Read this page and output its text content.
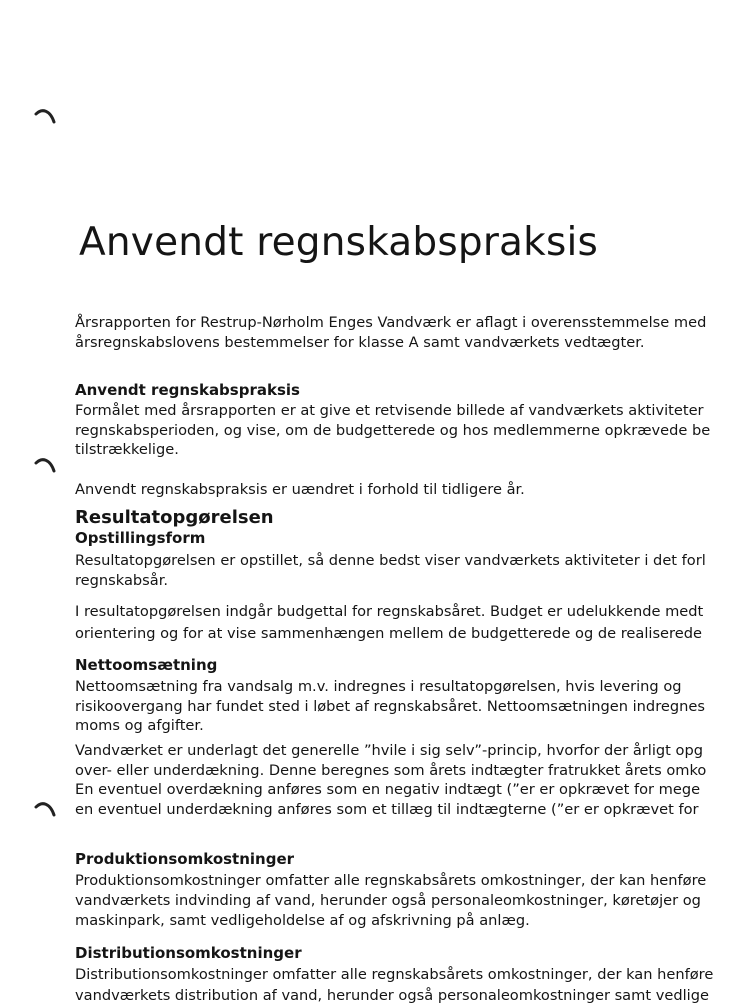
Anvendt regnskabspraksis
Årsrapporten for Restrup-Nørholm Enges Vandværk er aflagt i overensstemmelse med
årsregnskabslovens bestemmelser for klasse A samt vandværkets vedtægter.
Anvendt regnskabspraksis
Formålet med årsrapporten er at give et retvisende billede af vandværkets aktiviteter
regnskabsperioden, og vise, om de budgetterede og hos medlemmerne opkrævede be
tilstrækkelige.
Anvendt regnskabspraksis er uændret i forhold til tidligere år.
Resultatopgørelsen
Opstillingsform
Resultatopgørelsen er opstillet, så denne bedst viser vandværkets aktiviteter i det forl
regnskabsår.
I resultatopgørelsen indgår budgettal for regnskabsåret. Budget er udelukkende medt
orientering og for at vise sammenhængen mellem de budgetterede og de realiserede
Nettoomsætning
Nettoomsætning fra vandsalg m.v. indregnes i resultatopgørelsen, hvis levering og
risikoovergang har fundet sted i løbet af regnskabsåret. Nettoomsætningen indregnes
moms og afgifter.
Vandværket er underlagt det generelle ”hvile i sig selv”-princip, hvorfor der årligt opg
over- eller underdækning. Denne beregnes som årets indtægter fratrukket årets omko
En eventuel overdækning anføres som en negativ indtægt (”er er opkrævet for mege
en eventuel underdækning anføres som et tillæg til indtægterne (”er er opkrævet for
Produktionsomkostninger
Produktionsomkostninger omfatter alle regnskabsårets omkostninger, der kan henføre
vandværkets indvinding af vand, herunder også personaleomkostninger, køretøjer og
maskinpark, samt vedligeholdelse af og afskrivning på anlæg.
Distributionsomkostninger
Distributionsomkostninger omfatter alle regnskabsårets omkostninger, der kan henføre
vandværkets distribution af vand, herunder også personaleomkostninger samt vedlige
